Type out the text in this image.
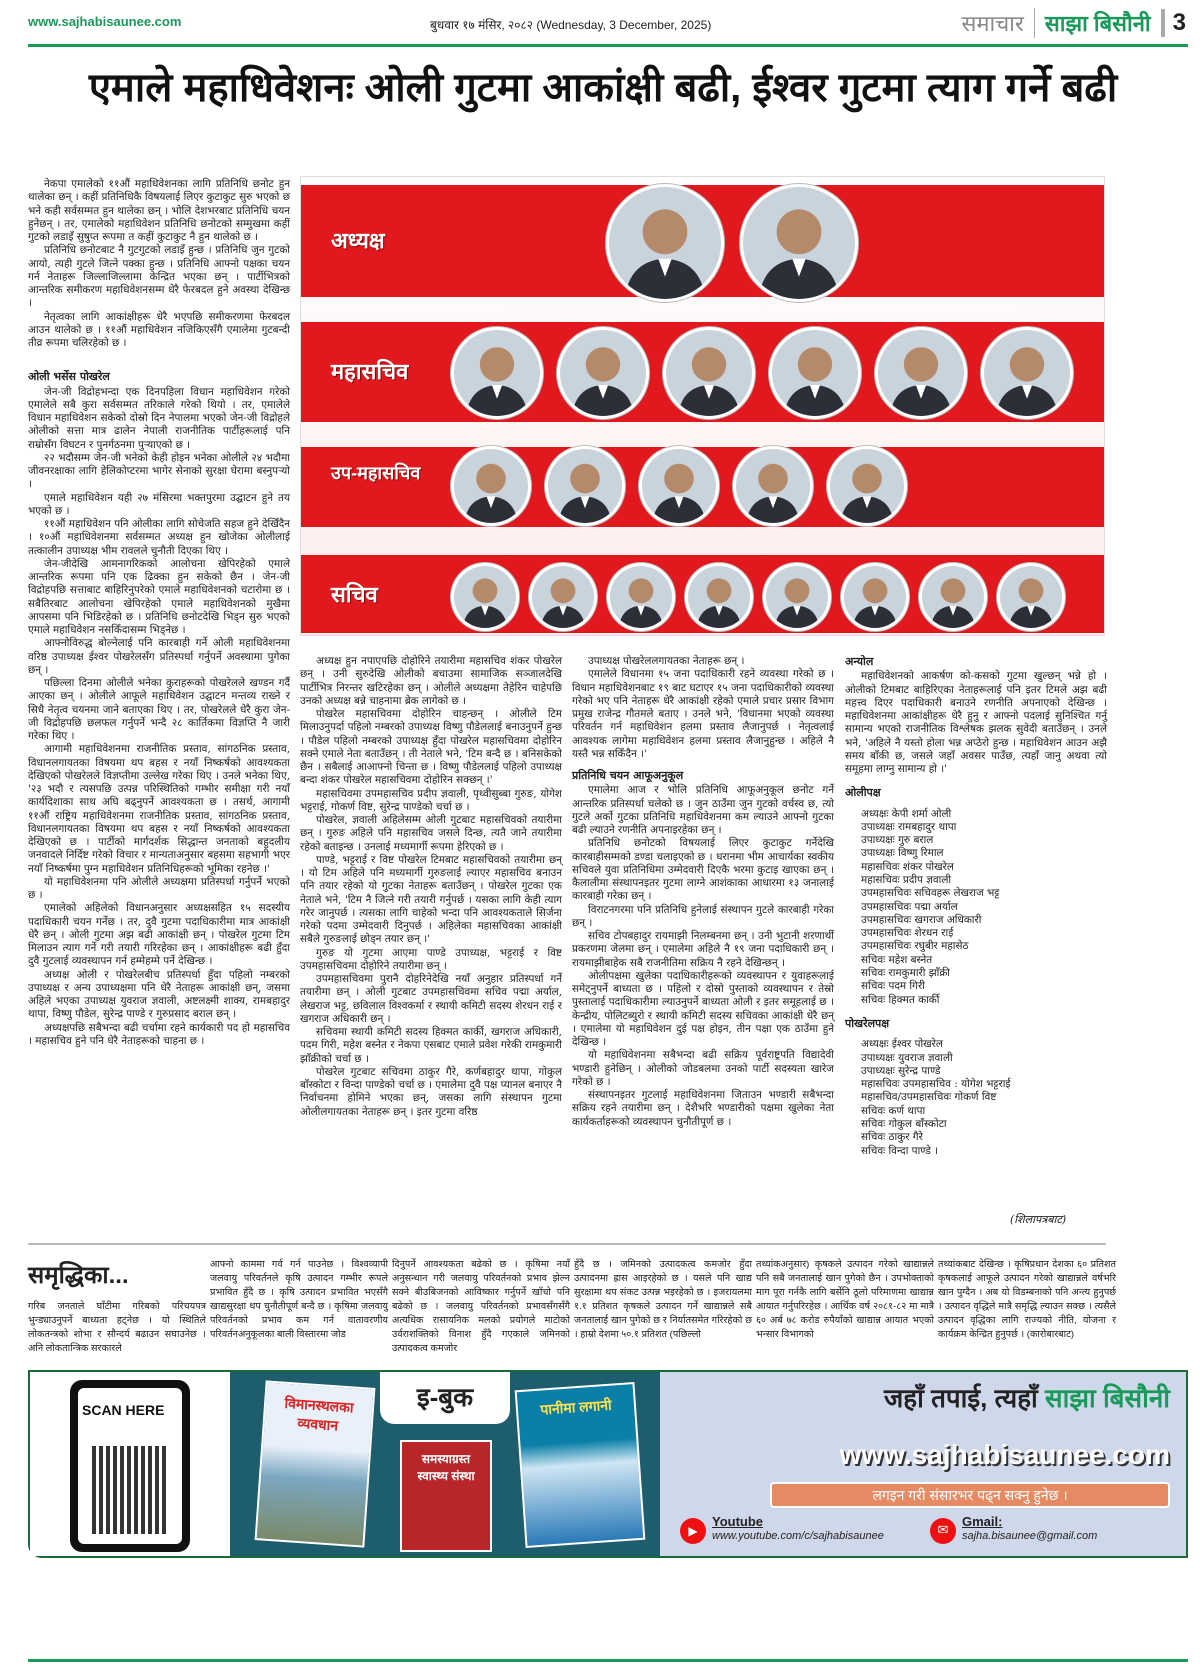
www.sajhabisaunee.com	बुधवार १७ मंसिर, २०८२ (Wednesday, 3 December, 2025)	समाचार साझा बिसौनी 3
एमाले महाधिवेशनः ओली गुटमा आकांक्षी बढी, ईश्वर गुटमा त्याग गर्ने बढी
अध्यक्ष
महासचिव
उप-महासचिव
सचिव

नेकपा एमालेको ११औं महाधिवेशनका लागि प्रतिनिधि छनोट हुन थालेका छन् । कहीं प्रतिनिधिकै विषयलाई लिएर कुटाकुट सुरु भएको छ भने कही सर्वसम्मत हुन थालेका छन् । भोलि देशभरबाट प्रतिनिधि चयन हुनेछन् । तर, एमालेको महाधिवेशन प्रतिनिधि छनोटको सम्मुखमा कहीं गुटको लडाइँ सुषुप्त रूपमा त कहीं कुटाकुट नै हुन थालेको छ ।

प्रतिनिधि छनोटबाट नै गुटगुटको लडाइँ हुन्छ । प्रतिनिधि जुन गुटको आयो, त्यही गुटले जित्ने पक्का हुन्छ । प्रतिनिधि आफ्नो पक्षका चयन गर्न नेताहरू जिल्लाजिल्लामा केन्द्रित भएका छन् । पार्टीभित्रको आन्तरिक समीकरण महाधिवेशनसम्म धेरै फेरबदल हुने अवस्था देखिन्छ ।

नेतृत्वका लागि आकांक्षीहरू धेरै भएपछि समीकरणमा फेरबदल आउन थालेको छ । ११औं महाधिवेशन नजिकिएसँगै एमालेमा गुटबन्दी तीव्र रूपमा चलिरहेको छ ।

ओली भर्सेस पोखरेल

जेन-जी विद्रोहभन्दा एक दिनपहिला विधान महाधिवेशन गरेको एमालेले सबै कुरा सर्वसम्मत तरिकाले गरेको थियो । तर, एमालेले विधान महाधिवेशन सकेको दोस्रो दिन नेपालमा भएको जेन-जी विद्रोहले ओलीको सत्ता मात्र ढालेन नेपाली राजनीतिक पार्टीहरूलाई पनि राम्रोसँग विघटन र पुनर्गठनमा पुऱ्याएको छ ।

२२ भदौसम्म जेन-जी भनेको केही होइन भनेका ओलीले २४ भदौमा जीवनरक्षाका लागि हेलिकोप्टरमा भागेर सेनाको सुरक्षा घेरामा बस्नुपऱ्यो ।

एमाले महाधिवेशन यही २७ मंसिरमा भक्तपुरमा उद्घाटन हुने तय भएको छ ।

११औं महाधिवेशन पनि ओलीका लागि सोचेजति सहज हुने देखिँदैन । १०औं महाधिवेशनमा सर्वसम्मत अध्यक्ष हुन खोजेका ओलीलाई तत्कालीन उपाध्यक्ष भीम रावलले चुनौती दिएका थिए ।

जेन-जीदेखि आमनागरिकको आलोचना खेपिरहेको एमाले आन्तरिक रूपमा पनि एक ढिक्का हुन सकेको छैन । जेन-जी विद्रोहपछि सत्ताबाट बाहिरिनुपरेको एमाले महाधिवेशनको चटारोमा छ । सबैतिरबाट आलोचना खेपिरहेको एमाले महाधिवेशनको मुखैमा आपसमा पनि भिडिरहेको छ । प्रतिनिधि छनोटदेखि भिड्न सुरु भएको एमाले महाधिवेशन नसकिँदासम्म भिड्नेछ ।

आफ्नोविरुद्ध बोल्नेलाई पनि कारबाही गर्ने ओली महाधिवेशनमा वरिष्ठ उपाध्यक्ष ईश्वर पोखरेलसँग प्रतिस्पर्धा गर्नुपर्ने अवस्थामा पुगेका छन् ।

पछिल्ला दिनमा ओलीले भनेका कुराहरूको पोखरेलले खण्डन गर्दै आएका छन् । ओलीले आफूले महाधिवेशन उद्घाटन मन्तव्य राख्ने र सिधै नेतृत्व चयनमा जाने बताएका थिए । तर, पोखरेलले धेरै कुरा जेन-जी विद्रोहपछि छलफल गर्नुपर्ने भन्दै २८ कार्तिकमा विज्ञप्ति नै जारी गरेका थिए ।

आगामी महाधिवेशनमा राजनीतिक प्रस्ताव, सांगठनिक प्रस्ताव, विधानलगायतका विषयमा थप बहस र नयाँ निष्कर्षको आवश्यकता देखिएको पोखरेलले विज्ञप्तीमा उल्लेख गरेका थिए । उनले भनेका थिए, '२३ भदौ र त्यसपछि उत्पन्न परिस्थितिको गम्भीर समीक्षा गरी नयाँ कार्यदिशाका साथ अघि बढ्नुपर्ने आवश्यकता छ । तसर्थ, आगामी ११औं राष्ट्रिय महाधिवेशनमा राजनीतिक प्रस्ताव, सांगठनिक प्रस्ताव, विधानलगायतका विषयमा थप बहस र नयाँ निष्कर्षको आवश्यकता देखिएको छ । पार्टीको मार्गदर्शक सिद्धान्त जनताको बहुदलीय जनवादले निर्दिष्ट गरेको विचार र मान्यताअनुसार बहसमा सहभागी भएर नयाँ निष्कर्षमा पुग्न महाधिवेशन प्रतिनिधिहरूको भूमिका रहनेछ ।'

यो महाधिवेशनमा पनि ओलीले अध्यक्षमा प्रतिस्पर्धा गर्नुपर्ने भएको छ ।

एमालेको अहिलेको विधानअनुसार अध्यक्षसहित १५ सदस्यीय पदाधिकारी चयन गर्नेछ । तर, दुवै गुटमा पदाधिकारीमा मात्र आकांक्षी धेरै छन् । ओली गुटमा अझ बढी आकांक्षी छन् । पोखरेल गुटमा टिम मिलाउन त्याग गर्ने गरी तयारी गरिरहेका छन् । आकांक्षीहरू बढी हुँदा दुवै गुटलाई व्यवस्थापन गर्न हम्मेहम्मे पर्ने देखिन्छ ।

अध्यक्ष ओली र पोखरेलबीच प्रतिस्पर्धा हुँदा पहिलो नम्बरको उपाध्यक्ष र अन्य उपाध्यक्षमा पनि धेरै नेताहरू आकांक्षी छन्, जसमा अहिले भएका उपाध्यक्ष युवराज ज्ञवाली, अष्टलक्ष्मी शाक्य, रामबहादुर थापा, विष्णु पौडेल, सुरेन्द्र पाण्डे र गुरुप्रसाद बराल छन् ।

अध्यक्षपछि सबैभन्दा बढी चर्चामा रहने कार्यकारी पद हो महासचिव । महासचिव हुने पनि धेरै नेताहरूको चाहना छ ।

अध्यक्ष हुन नपाएपछि दोहोरिने तयारीमा महासचिव शंकर पोखरेल छन् । उनी सुरुदेखि ओलीको बचाउमा सामाजिक सञ्जालदेखि पार्टीभित्र निरन्तर खटिरहेका छन् । ओलीले अध्यक्षमा तेहेरिन चाहेपछि उनको अध्यक्ष बन्ने चाहनामा ब्रेक लागेको छ ।

पोखरेल महासचिवमा दोहोरिन चाहन्छन् । ओलीले टिम मिलाउनुपर्दा पहिलो नम्बरको उपाध्यक्ष विष्णु पौडेललाई बनाउनुपर्ने हुन्छ । पौडेल पहिलो नम्बरको उपाध्यक्ष हुँदा पोखरेल महासचिवमा दोहोरिन सक्ने एमाले नेता बताउँछन् । ती नेताले भने, 'टिम बन्दै छ । बनिसकेको छैन । सबैलाई आआफ्नो चिन्ता छ । विष्णु पौडेललाई पहिलो उपाध्यक्ष बन्दा शंकर पोखरेल महासचिवमा दोहोरिन सक्छन् ।'

महासचिवमा उपमहासचिव प्रदीप ज्ञवाली, पृथ्वीसुब्बा गुरुङ, योगेश भट्टराई, गोकर्ण विष्ट, सुरेन्द्र पाण्डेको चर्चा छ ।

पोखरेल, ज्ञवाली अहिलेसम्म ओली गुटबाट महासचिवको तयारीमा छन् । गुरुङ अहिले पनि महासचिव जसले दिन्छ, त्यतै जाने तयारीमा रहेको बताइन्छ । उनलाई मध्यमार्गी रूपमा हेरिएको छ ।

पाण्डे, भट्टराई र विष्ट पोखरेल टिमबाट महासचिवको तयारीमा छन् । यो टिम अहिले पनि मध्यमार्गी गुरुङलाई ल्याएर महासचिव बनाउन पनि तयार रहेको यो गुटका नेताहरू बताउँछन् । पोखरेल गुटका एक नेताले भने, 'टिम नै जित्ने गरी तयारी गर्नुपर्छ । यसका लागि केही त्याग गरेर जानुपर्छ । त्यसका लागि चाहेको भन्दा पनि आवश्यकताले सिर्जना गरेको पदमा उम्मेदवारी दिनुपर्छ । अहिलेका महासचिवका आकांक्षी सबैले गुरुङलाई छोड्न तयार छन् ।'

गुरुङ यो गुटमा आएमा पाण्डे उपाध्यक्ष, भट्टराई र विष्ट उपमहासचिवमा दोहोरिने तयारीमा छन् ।

उपमहासचिवमा पुरानै दोहरिनेदेखि नयाँ अनुहार प्रतिस्पर्धा गर्ने तयारीमा छन् । ओली गुटबाट उपमहासचिवमा सचिव पद्मा अर्याल, लेखराज भट्ट, छविलाल विश्वकर्मा र स्थायी कमिटी सदस्य शेरधन राई र खगराज अधिकारी छन् ।

सचिवमा स्थायी कमिटी सदस्य हिक्मत कार्की, खगराज अधिकारी, पदम गिरी, महेश बस्नेत र नेकपा एसबाट एमाले प्रवेश गरेकी रामकुमारी झाँक्रीको चर्चा छ ।

पोखरेल गुटबाट सचिवमा ठाकुर गैरे, कर्णबहादुर थापा, गोकुल बाँस्कोटा र विन्दा पाण्डेको चर्चा छ । एमालेमा दुवै पक्ष प्यानल बनाएर नै निर्वाचनमा होमिने भएका छन्, जसका लागि संस्थापन गुटमा ओलीलगायतका नेताहरू छन् । इतर गुटमा वरिष्ठ

उपाध्यक्ष पोखरेललगायतका नेताहरू छन् ।

एमालेले विधानमा १५ जना पदाधिकारी रहने व्यवस्था गरेको छ । विधान महाधिवेशनबाट १९ बाट घटाएर १५ जना पदाधिकारीको व्यवस्था गरेको भए पनि नेताहरू धेरै आकांक्षी रहेको एमाले प्रचार प्रसार विभाग प्रमुख राजेन्द्र गौतमले बताए । उनले भने, 'विधानमा भएको व्यवस्था परिवर्तन गर्न महाधिवेशन हलमा प्रस्ताव लैजानुपर्छ । नेतृत्वलाई आवश्यक लागेमा महाधिवेशन हलमा प्रस्ताव लैजानुहुन्छ । अहिले नै यस्तै भन्न सकिँदैन ।'

प्रतिनिधि चयन आफूअनुकूल

एमालेमा आज र भोलि प्रतिनिधि आफूअनुकूल छनोट गर्ने आन्तरिक प्रतिस्पर्धा चलेको छ । जुन ठाउँमा जुन गुटको वर्चस्व छ, त्यो गुटले अर्को गुटका प्रतिनिधि महाधिवेशनमा कम ल्याउने आफ्नो गुटका बढी ल्याउने रणनीति अपनाइरहेका छन् ।

प्रतिनिधि छनोटको विषयलाई लिएर कुटाकुट गर्नेदेखि कारबाहीसम्मको डण्डा चलाइएको छ । धरानमा भीम आचार्यका स्वकीय सचिवले युवा प्रतिनिधिमा उम्मेदवारी दिएकै भरमा कुटाइ खाएका छन् । कैलालीमा संस्थापनइतर गुटमा लाग्ने आशंकाका आधारमा १३ जनालाई कारबाही गरेका छन् ।

विराटनगरमा पनि प्रतिनिधि हुनेलाई संस्थापन गुटले कारबाही गरेका छन् ।

सचिव टोपबहादुर रायमाझी निलम्बनमा छन् । उनी भुटानी शरणार्थी प्रकरणमा जेलमा छन् । एमालेमा अहिले नै १९ जना पदाधिकारी छन् । रायमाझीबाहेक सबै राजनीतिमा सक्रिय नै रहने देखिन्छन् ।

ओलीपक्षमा खुलेका पदाधिकारीहरूको व्यवस्थापन र युवाहरूलाई समेट्नुपर्ने बाध्यता छ । पहिलो र दोस्रो पुस्ताको व्यवस्थापन र तेस्रो पुस्तालाई पदाधिकारीमा ल्याउनुपर्ने बाध्यता ओली र इतर समूहलाई छ । केन्द्रीय, पोलिटब्युरो र स्थायी कमिटी सदस्य सचिवका आकांक्षी धेरै छन् । एमालेमा यो महाधिवेशन दुई पक्ष होइन, तीन पक्षा एक ठाउँमा हुने देखिन्छ ।

यो महाधिवेशनमा सबैभन्दा बढी सक्रिय पूर्वराष्ट्रपति विद्यादेवी भण्डारी हुनेछिन् । ओलीको जोडबलमा उनको पार्टी सदस्यता खारेज गरेको छ ।

संस्थापनइतर गुटलाई महाधिवेशनमा जिताउन भण्डारी सबैभन्दा सक्रिय रहने तयारीमा छन् । देशैभरि भण्डारीको पक्षमा खुलेका नेता कार्यकर्ताहरूको व्यवस्थापन चुनौतीपूर्ण छ ।

अन्योल

महाधिवेशनको आकर्षण को-कसको गुटमा खुल्छन् भन्ने हो । ओलीको टिमबाट बाहिरिएका नेताहरूलाई पनि इतर टिमले अझ बढी महत्त्व दिएर पदाधिकारी बनाउने रणनीति अपनाएको देखिन्छ । महाधिवेशनमा आकांक्षीहरू धेरै हुनु र आफ्नो पदलाई सुनिश्चित गर्नु सामान्य भएको राजनीतिक विश्लेषक झलक सुवेदी बताउँछन् । उनले भने, 'अहिले नै यस्तो होला भन्न अप्ठेरो हुन्छ । महाधिवेशन आउन अझै समय बाँकी छ, जसले जहाँ अवसर पाउँछ, त्यहाँ जानु अथवा त्यो समूहमा लाग्नु सामान्य हो ।'

ओलीपक्ष
अध्यक्षः केपी शर्मा ओली
उपाध्यक्षः रामबहादुर थापा
उपाध्यक्षः गुरु बराल
उपाध्यक्षः विष्णु रिमाल
महासचिवः शंकर पोखरेल
महासचिवः प्रदीप ज्ञवाली
उपमहासचिवः सचिवहरू लेखराज भट्ट
उपमहासचिवः पद्मा अर्याल
उपमहासचिवः खगराज अधिकारी
उपमहासचिवः शेरधन राई
उपमहासचिवः रघुबीर महासेठ
सचिवः महेश बस्नेत
सचिवः रामकुमारी झाँक्री
सचिवः पदम गिरी
सचिवः हिक्मत कार्की
पोखरेलपक्ष
अध्यक्षः ईश्वर पोखरेल
उपाध्यक्षः युवराज ज्ञवाली
उपाध्यक्षः सुरेन्द्र पाण्डे
महासचिवः उपमहासचिव : योगेश भट्टराई
महासचिव/उपमहासचिवः गोकर्ण विष्ट
सचिवः कर्ण थापा
सचिवः गोकुल बाँस्कोटा
सचिवः ठाकुर गैरे
सचिवः विन्दा पाण्डे ।
(शिलापत्रबाट)
समृद्धिका...
गरिब जनताले घाँटीमा गरिबको परिचयपत्र भुन्ड्याउनुपर्ने बाध्यता हट्नेछ । यो स्थितिले लोकतन्त्रको शोभा र सौन्दर्य बढाउन सघाउनेछ । अनि लोकतान्त्रिक सरकारले
आफ्नो काममा गर्व गर्न पाउनेछ । विश्वव्यापी जलवायु परिवर्तनले कृषि उत्पादन गम्भीर रूपले प्रभावित हुँदै छ । कृषि उत्पादन प्रभावित भएसँगै खाद्यसुरक्षा थप चुनौतीपूर्ण बन्दै छ । कृषिमा जलवायु परिवर्तनको प्रभाव कम गर्न वातावरणीय परिवर्तनअनुकूलका बाली विस्तारमा जोड
दिनुपर्ने आवश्यकता बढेको छ । कृषिमा नयाँ अनुसन्धान गरी जलवायु परिवर्तनको प्रभाव झेल्न सक्ने बीउबिजनको आविष्कार गर्नुपर्ने खाँचो पनि बढेको छ । जलवायु परिवर्तनको प्रभावसँगसँगै अत्यधिक रासायनिक मलको प्रयोगले माटोको उर्वराशक्तिको विनाश हुँदै गएकाले जमिनको उत्पादकत्व कमजोर
हुँदै छ । जमिनको उत्पादकत्व कमजोर हुँदा उत्पादनमा ह्रास आइरहेको छ । यसले पनि खाद्य सुरक्षामा थप संकट उत्पन्न भइरहेको छ । इजरायलमा १.१ प्रतिशत कृषकले उत्पादन गर्ने खाद्यान्नले सबै जनतालाई खान पुगेको छ र निर्यातसमेत गरिरहेको छ । हाम्रो देशमा ५०.१ प्रतिशत (पछिल्लो
तथ्यांकअनुसार) कृषकले उत्पादन गरेको खाद्यान्नले पनि सबै जनतालाई खान पुगेको छैन । उपभोक्ताको माग पूरा गर्नकै लागि बर्सेनि ठूलो परिमाणमा खाद्यान्न आयात गर्नुपरिरहेछ । आर्थिक वर्ष २०८१-८२ मा मात्रै ६० अर्ब ७८ करोड रुपैयाँको खाद्यान्न आयात भएको भन्सार विभागको
तथ्यांकबाट देखिन्छ । कृषिप्रधान देशका ६० प्रतिशत कृषकलाई आफूले उत्पादन गरेको खाद्यान्नले वर्षभरि खान पुग्दैन । अब यो विडम्बनाको पनि अन्त्य हुनुपर्छ । उत्पादन वृद्धिले मात्रै समृद्धि ल्याउन सक्छ । त्यसैले उत्पादन वृद्धिका लागि राज्यको नीति, योजना र कार्यक्रम केन्द्रित हुनुपर्छ । (कारोबारबाट)
SCAN HERE	विमानस्थलका व्यवधान
इ-बुक
समस्याग्रस्त स्वास्थ्य संस्था
पानीमा लगानी	जहाँ तपाई, त्यहाँ साझा बिसौनी
www.sajhabisaunee.com
लगइन गरी संसारभर पढ्न सक्नु हुनेछ ।
▶
Youtube
www.youtube.com/c/sajhabisaunee	✉
Gmail:
sajha.bisaunee@gmail.com
